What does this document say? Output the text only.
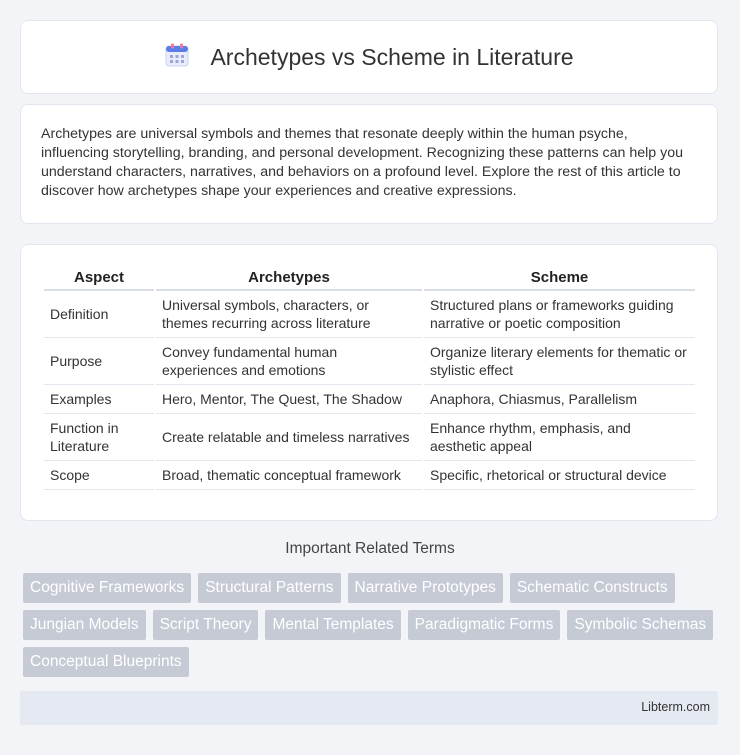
Archetypes vs Scheme in Literature

Archetypes are universal symbols and themes that resonate deeply within the human psyche, influencing storytelling, branding, and personal development. Recognizing these patterns can help you understand characters, narratives, and behaviors on a profound level. Explore the rest of this article to discover how archetypes shape your experiences and creative expressions.

Aspect	Archetypes	Scheme
Definition	Universal symbols, characters, or themes recurring across literature	Structured plans or frameworks guiding narrative or poetic composition
Purpose	Convey fundamental human experiences and emotions	Organize literary elements for thematic or stylistic effect
Examples	Hero, Mentor, The Quest, The Shadow	Anaphora, Chiasmus, Parallelism
Function in Literature	Create relatable and timeless narratives	Enhance rhythm, emphasis, and aesthetic appeal
Scope	Broad, thematic conceptual framework	Specific, rhetorical or structural device
Important Related Terms
Cognitive Frameworks	Structural Patterns	Narrative Prototypes	Schematic Constructs
Jungian Models	Script Theory	Mental Templates	Paradigmatic Forms	Symbolic Schemas
Conceptual Blueprints
Libterm.com
